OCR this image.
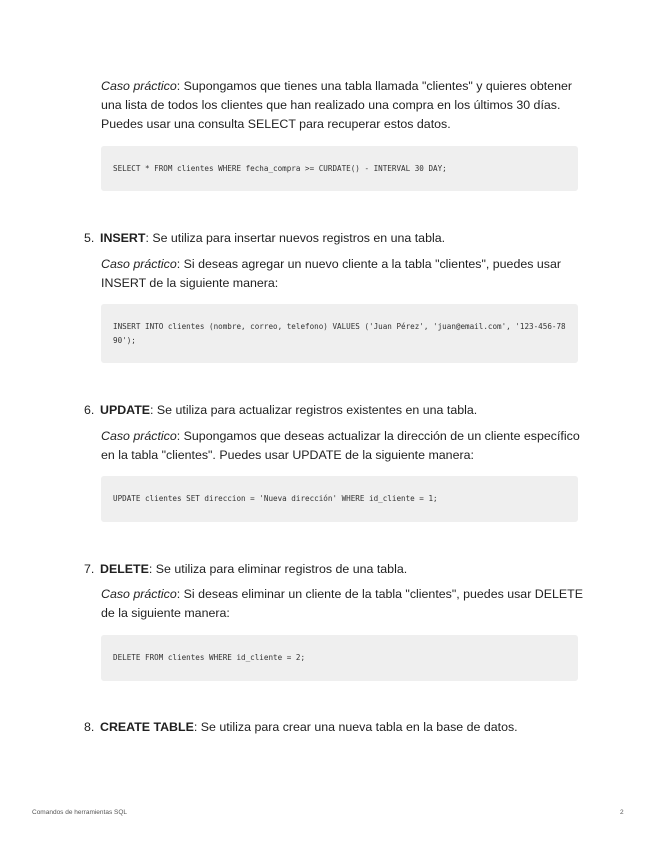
Caso práctico: Supongamos que tienes una tabla llamada "clientes" y quieres obtener una lista de todos los clientes que han realizado una compra en los últimos 30 días. Puedes usar una consulta SELECT para recuperar estos datos.

SELECT * FROM clientes WHERE fecha_compra >= CURDATE() - INTERVAL 30 DAY;
5. INSERT: Se utiliza para insertar nuevos registros en una tabla.

Caso práctico: Si deseas agregar un nuevo cliente a la tabla "clientes", puedes usar INSERT de la siguiente manera:

INSERT INTO clientes (nombre, correo, telefono) VALUES ('Juan Pérez', 'juan@email.com', '123-456-7890');
6. UPDATE: Se utiliza para actualizar registros existentes en una tabla.

Caso práctico: Supongamos que deseas actualizar la dirección de un cliente específico en la tabla "clientes". Puedes usar UPDATE de la siguiente manera:

UPDATE clientes SET direccion = 'Nueva dirección' WHERE id_cliente = 1;
7. DELETE: Se utiliza para eliminar registros de una tabla.

Caso práctico: Si deseas eliminar un cliente de la tabla "clientes", puedes usar DELETE de la siguiente manera:

DELETE FROM clientes WHERE id_cliente = 2;
8. CREATE TABLE: Se utiliza para crear una nueva tabla en la base de datos.
Comandos de herramientas SQL	2
